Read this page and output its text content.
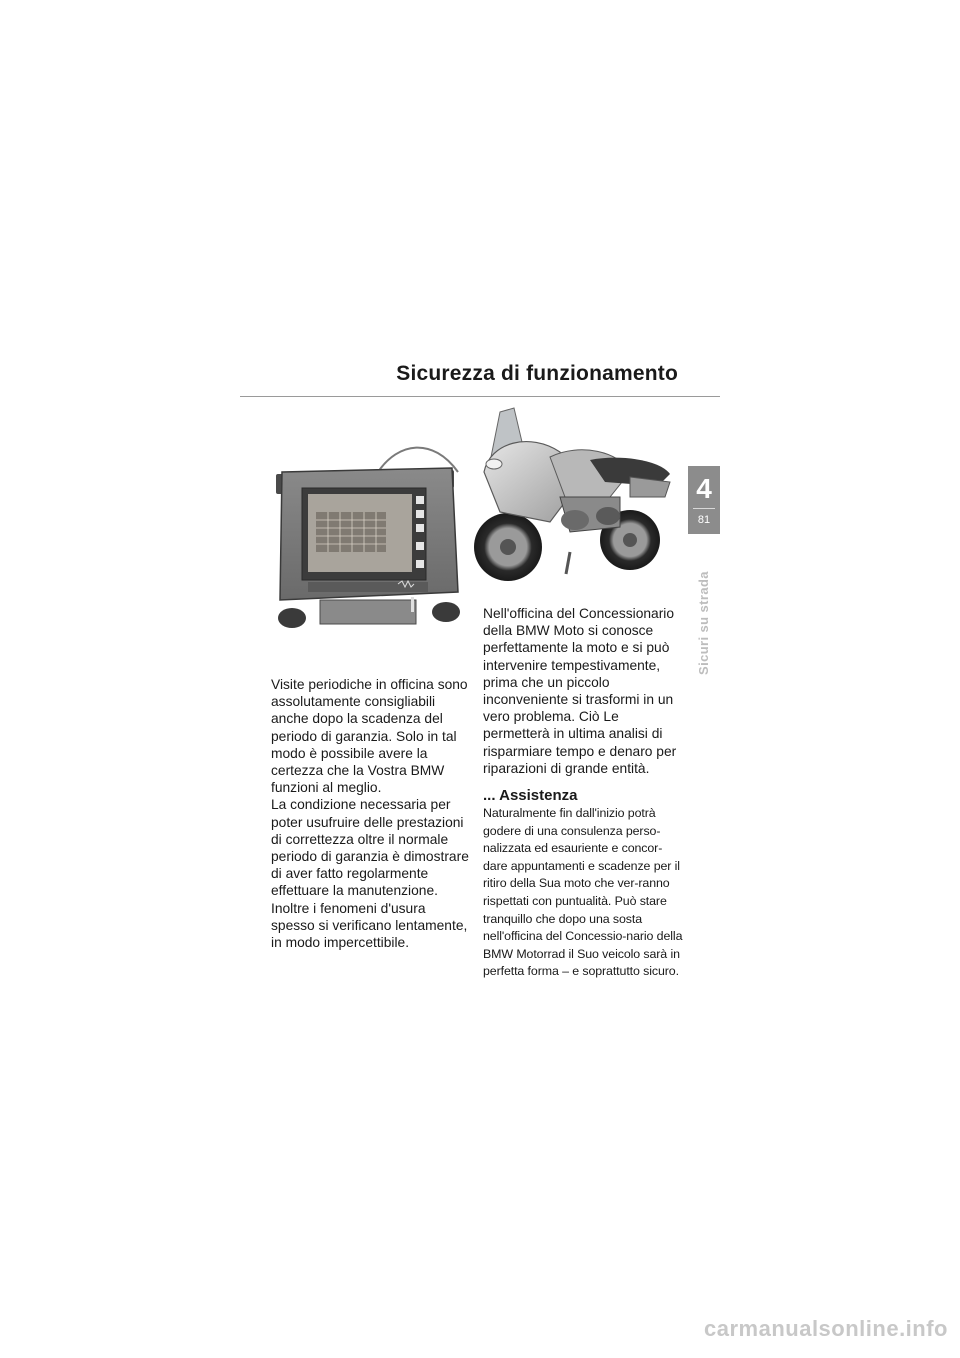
Sicurezza di funzionamento
4
81
Sicuri su strada

Visite periodiche in officina sono assolutamente consigliabili anche dopo la scadenza del periodo di garanzia. Solo in tal modo è possibile avere la certezza che la Vostra BMW funzioni al meglio.

La condizione necessaria per poter usufruire delle prestazioni di correttezza oltre il normale periodo di garanzia è dimostrare di aver fatto regolarmente effettuare la manutenzione.

Inoltre i fenomeni d'usura spesso si verificano lentamente, in modo impercettibile.

Nell'officina del Concessionario della BMW Moto si conosce perfettamente la moto e si può intervenire tempestivamente, prima che un piccolo inconveniente si trasformi in un vero problema. Ciò Le permetterà in ultima analisi di risparmiare tempo e denaro per riparazioni di grande entità.

... Assistenza

Naturalmente fin dall'inizio potrà godere di una consulenza perso-nalizzata ed esauriente e concor-dare appuntamenti e scadenze per il ritiro della Sua moto che ver-ranno rispettati con puntualità. Può stare tranquillo che dopo una sosta nell'officina del Concessio-nario della BMW Motorrad il Suo veicolo sarà in perfetta forma – e soprattutto sicuro.

carmanualsonline.info
